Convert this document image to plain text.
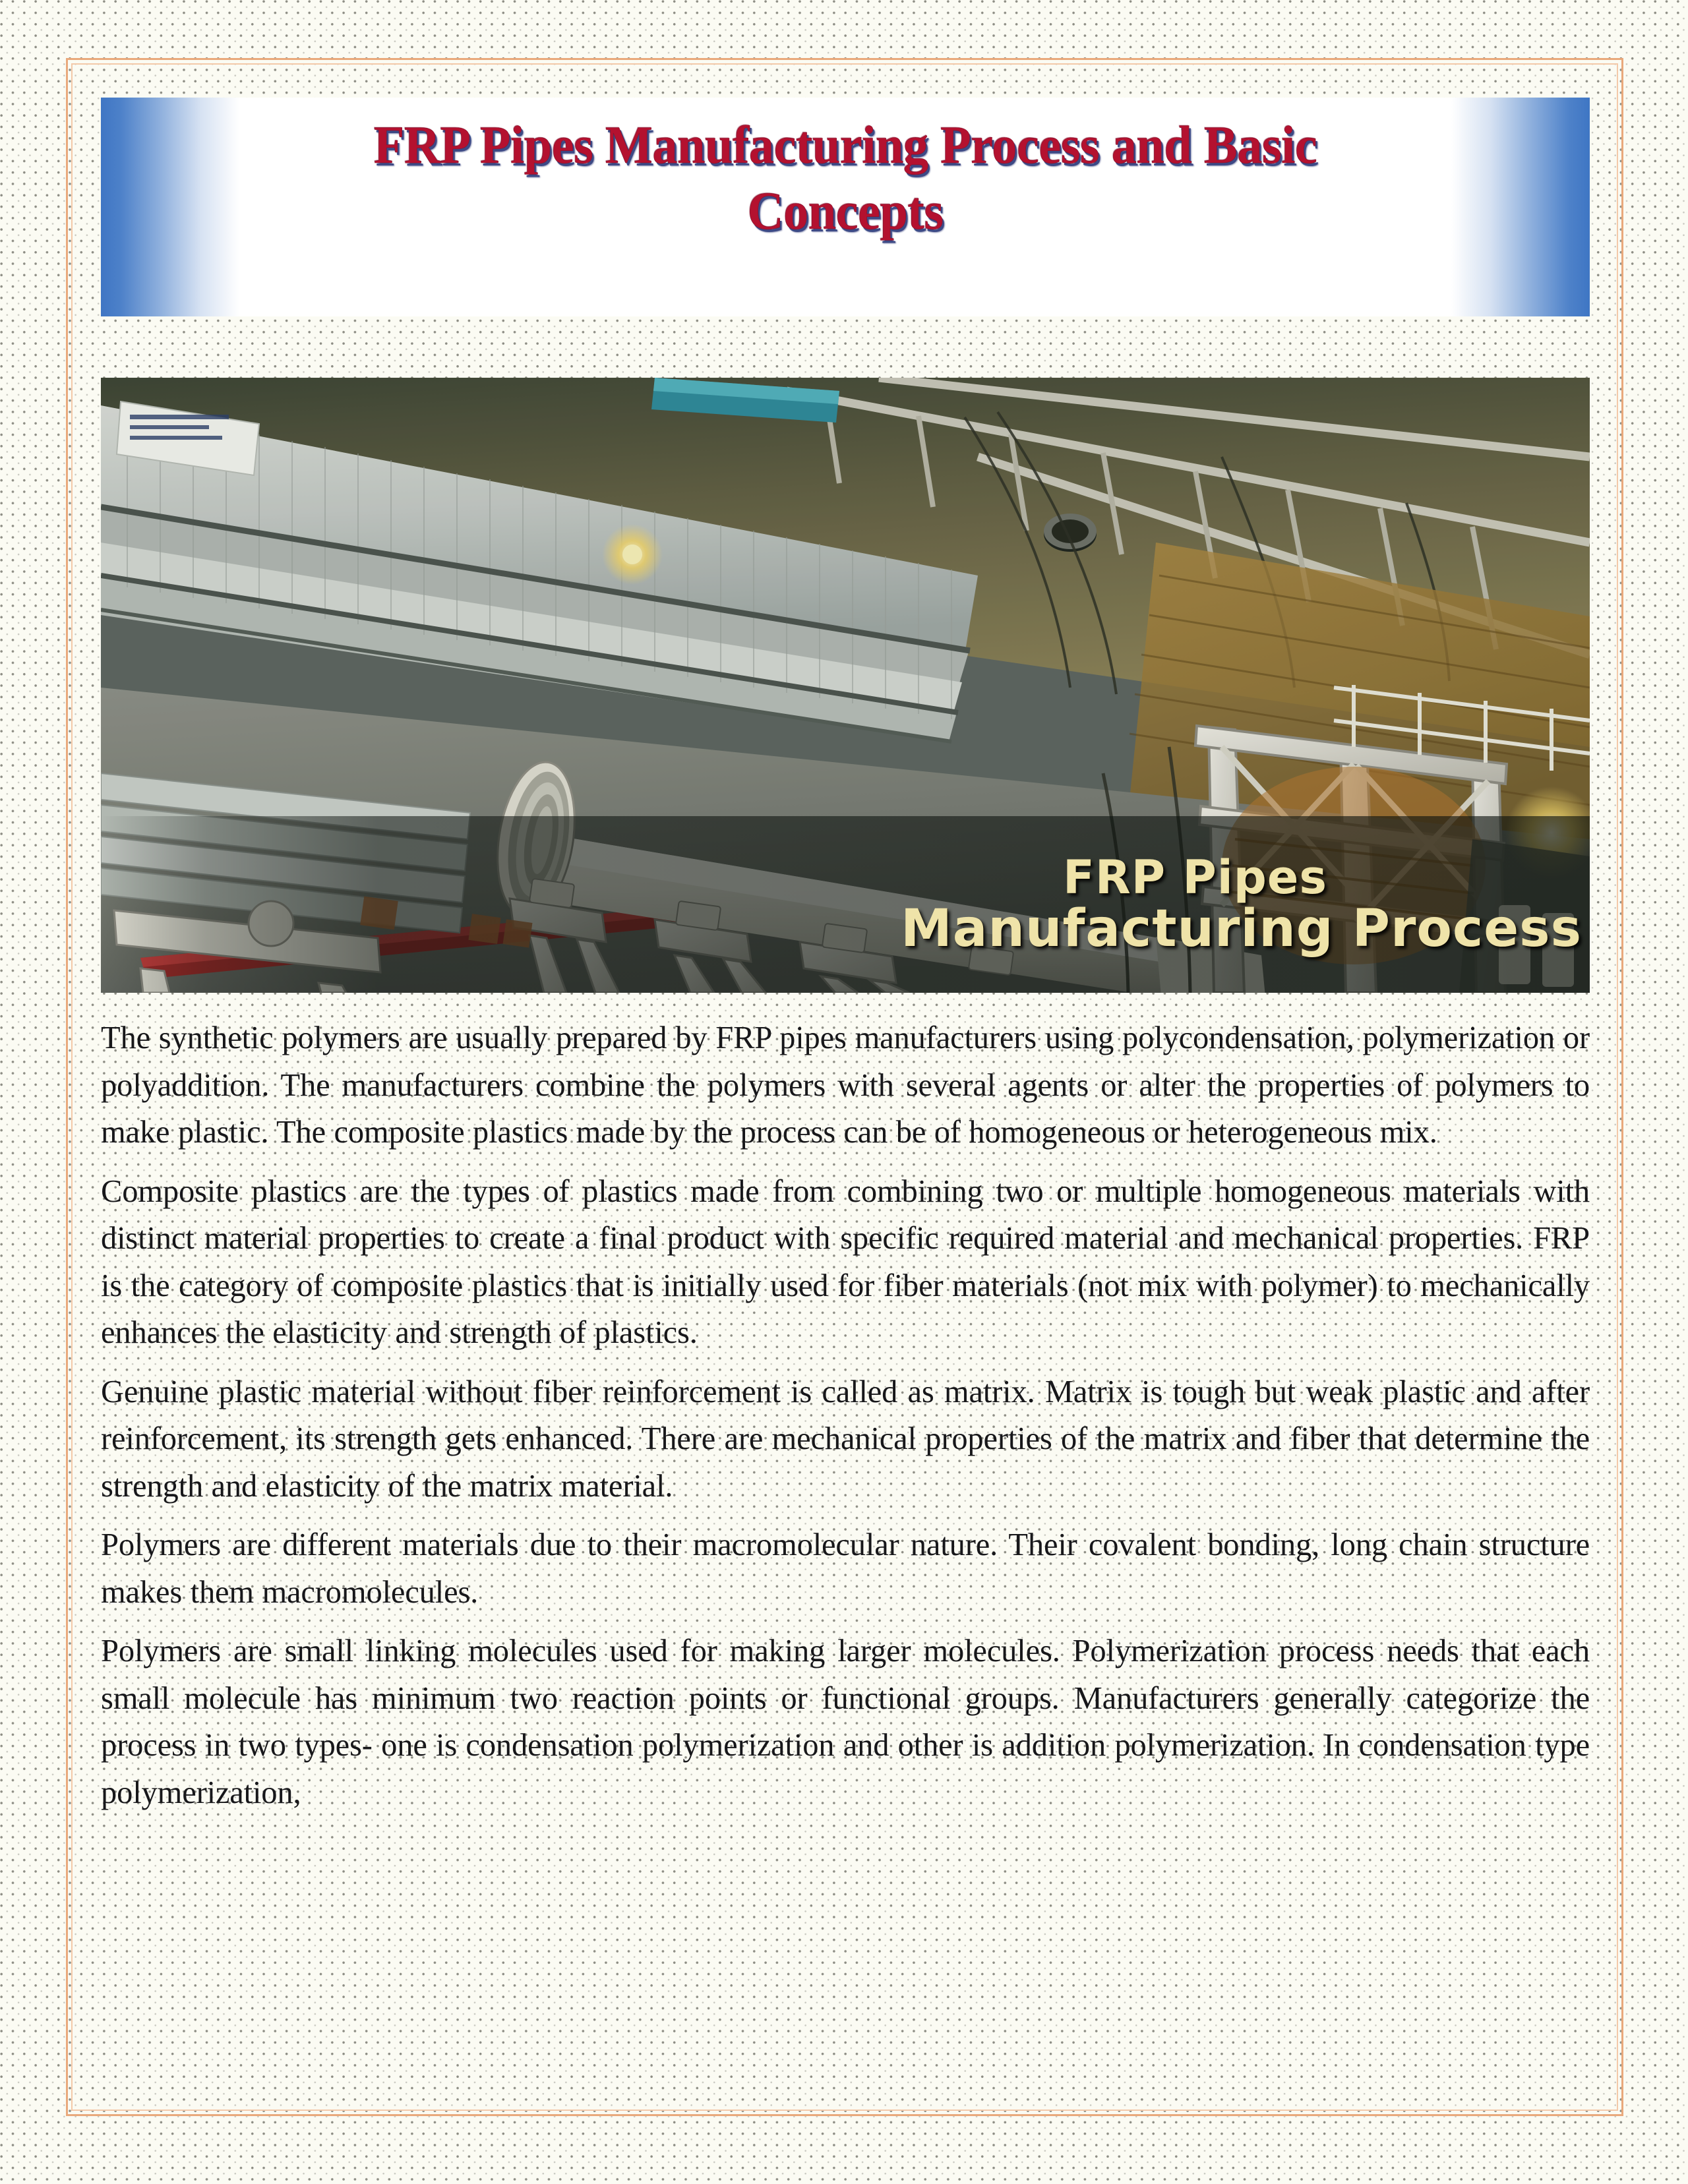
FRP Pipes Manufacturing Process and Basic
Concepts
FRP Pipes
Manufacturing Process

The synthetic polymers are usually prepared by FRP pipes manufacturers using polycondensation, polymerization or polyaddition. The manufacturers combine the polymers with several agents or alter the properties of polymers to make plastic. The composite plastics made by the process can be of homogeneous or heterogeneous mix.

Composite plastics are the types of plastics made from combining two or multiple homogeneous materials with distinct material properties to create a final product with specific required material and mechanical properties. FRP is the category of composite plastics that is initially used for fiber materials (not mix with polymer) to mechanically enhances the elasticity and strength of plastics.

Genuine plastic material without fiber reinforcement is called as matrix. Matrix is tough but weak plastic and after reinforcement, its strength gets enhanced. There are mechanical properties of the matrix and fiber that determine the strength and elasticity of the matrix material.

Polymers are different materials due to their macromolecular nature. Their covalent bonding, long chain structure makes them macromolecules.

Polymers are small linking molecules used for making larger molecules. Polymerization process needs that each small molecule has minimum two reaction points or functional groups. Manufacturers generally categorize the process in two types- one is condensation polymerization and other is addition polymerization. In condensation type polymerization,
